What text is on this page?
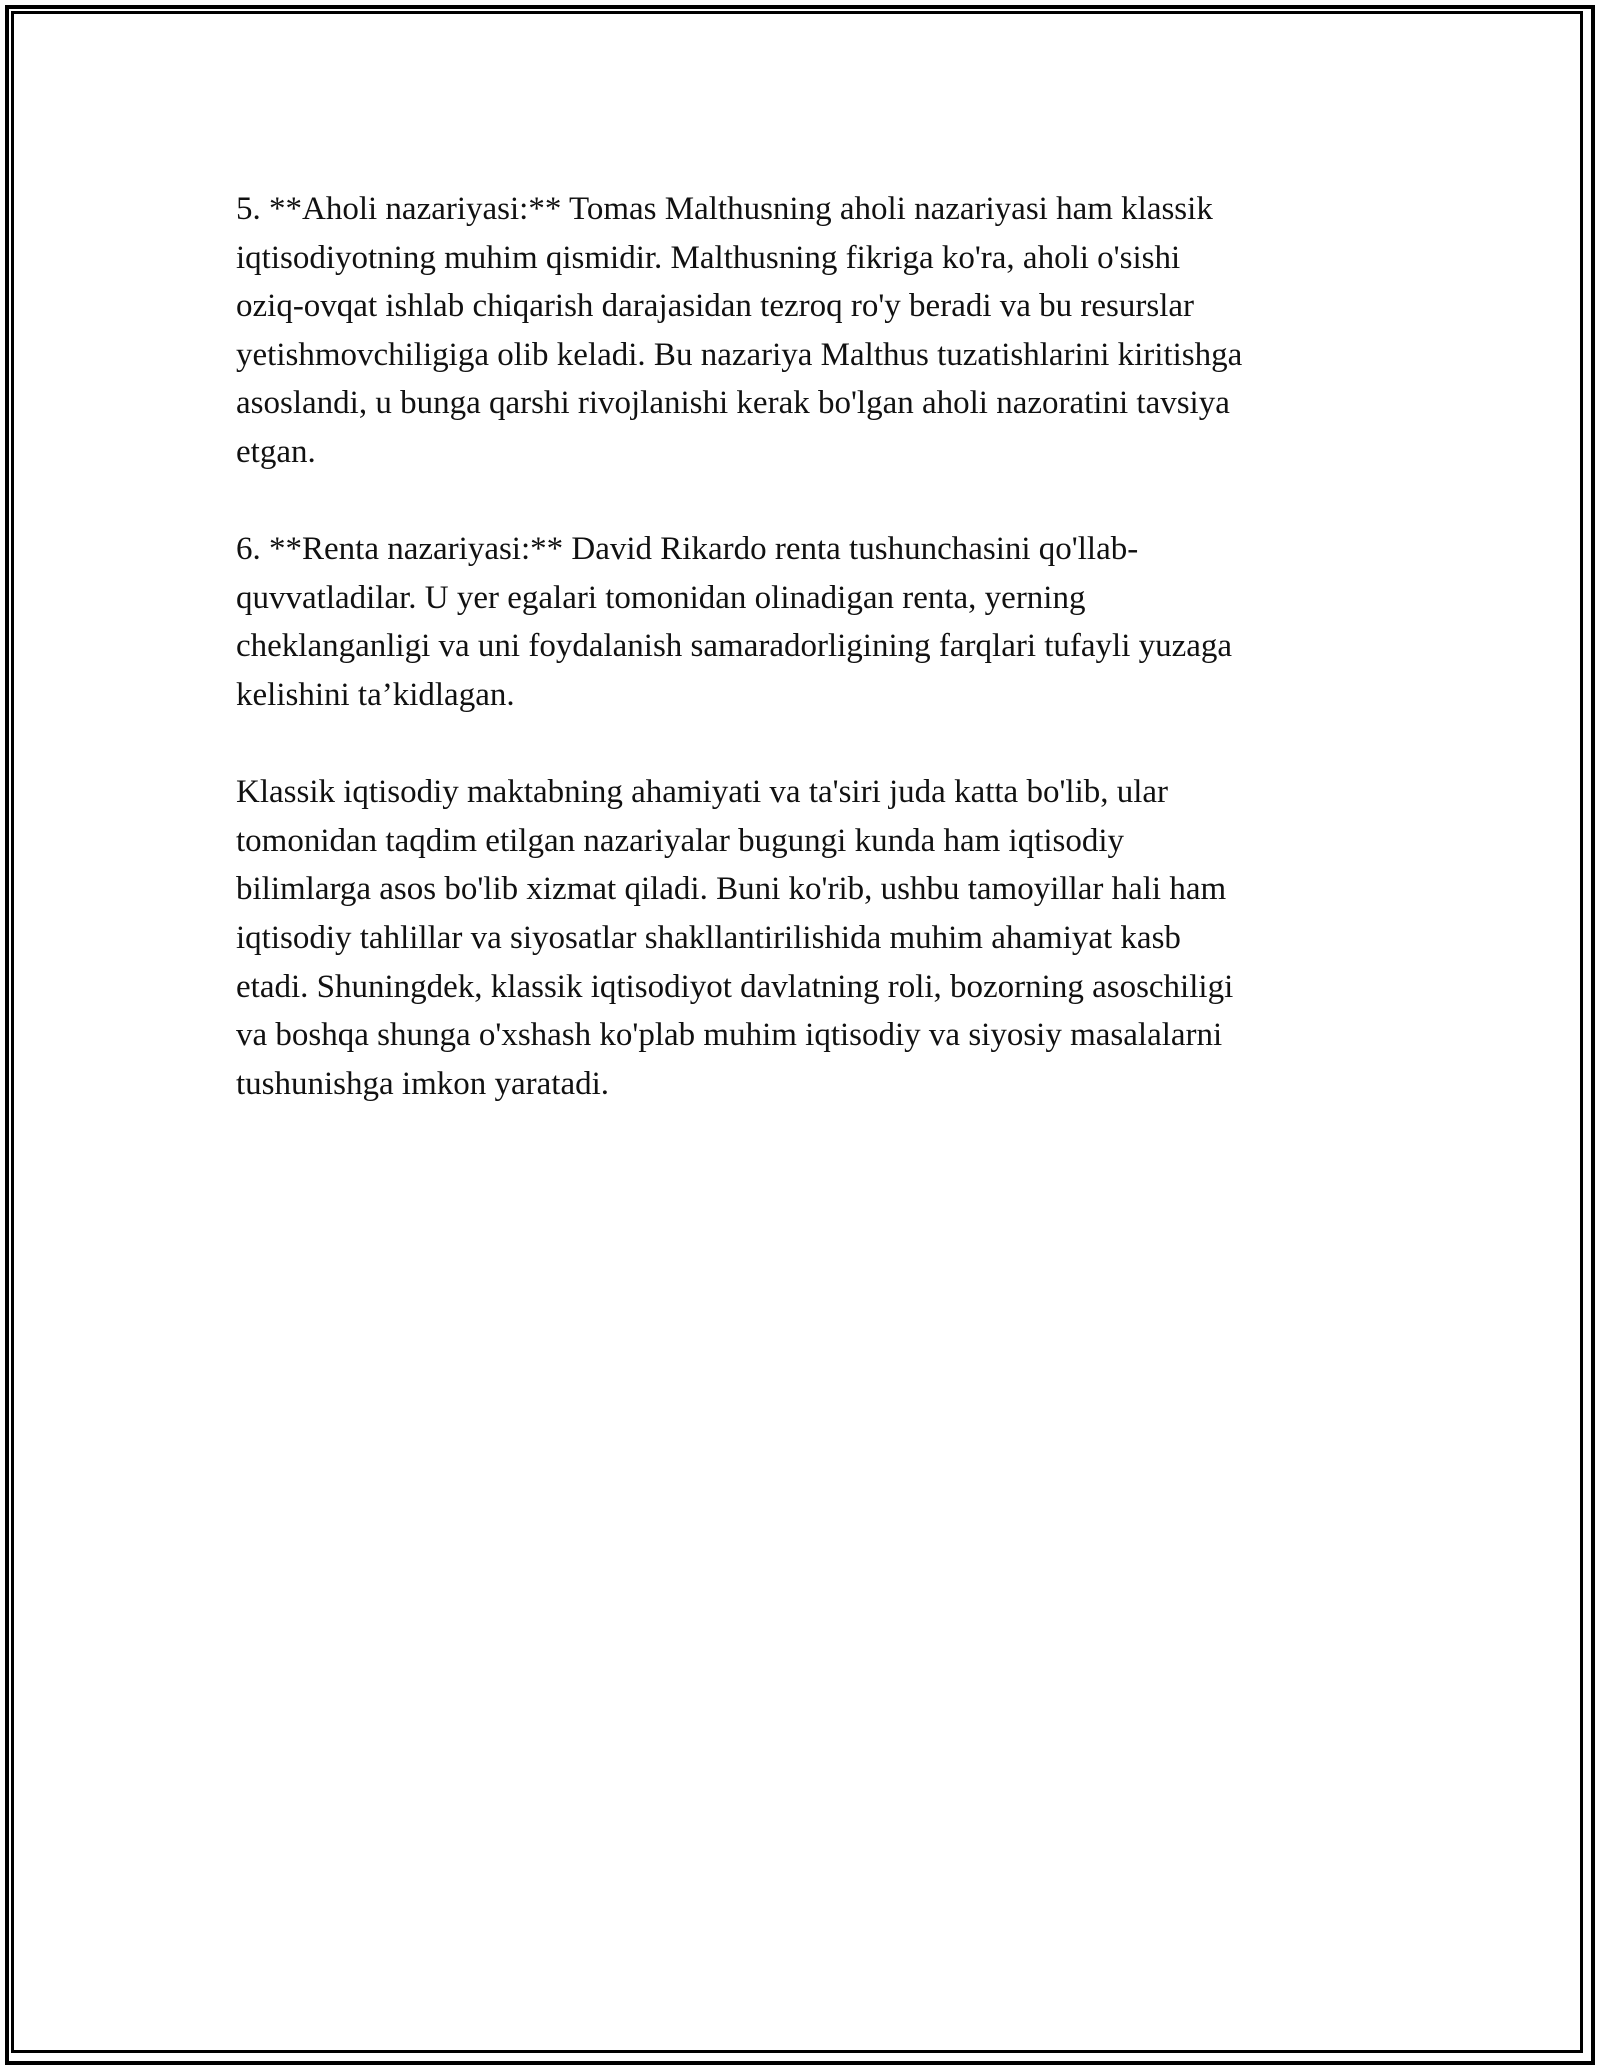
5. **Aholi nazariyasi:** Tomas Malthusning aholi nazariyasi ham klassik
iqtisodiyotning muhim qismidir. Malthusning fikriga ko'ra, aholi o'sishi
oziq-ovqat ishlab chiqarish darajasidan tezroq ro'y beradi va bu resurslar
yetishmovchiligiga olib keladi. Bu nazariya Malthus tuzatishlarini kiritishga
asoslandi, u bunga qarshi rivojlanishi kerak bo'lgan aholi nazoratini tavsiya
etgan.

6. **Renta nazariyasi:** David Rikardo renta tushunchasini qo'llab-
quvvatladilar. U yer egalari tomonidan olinadigan renta, yerning
cheklanganligi va uni foydalanish samaradorligining farqlari tufayli yuzaga
kelishini ta’kidlagan.

Klassik iqtisodiy maktabning ahamiyati va ta'siri juda katta bo'lib, ular
tomonidan taqdim etilgan nazariyalar bugungi kunda ham iqtisodiy
bilimlarga asos bo'lib xizmat qiladi. Buni ko'rib, ushbu tamoyillar hali ham
iqtisodiy tahlillar va siyosatlar shakllantirilishida muhim ahamiyat kasb
etadi. Shuningdek, klassik iqtisodiyot davlatning roli, bozorning asoschiligi
va boshqa shunga o'xshash ko'plab muhim iqtisodiy va siyosiy masalalarni
tushunishga imkon yaratadi.
